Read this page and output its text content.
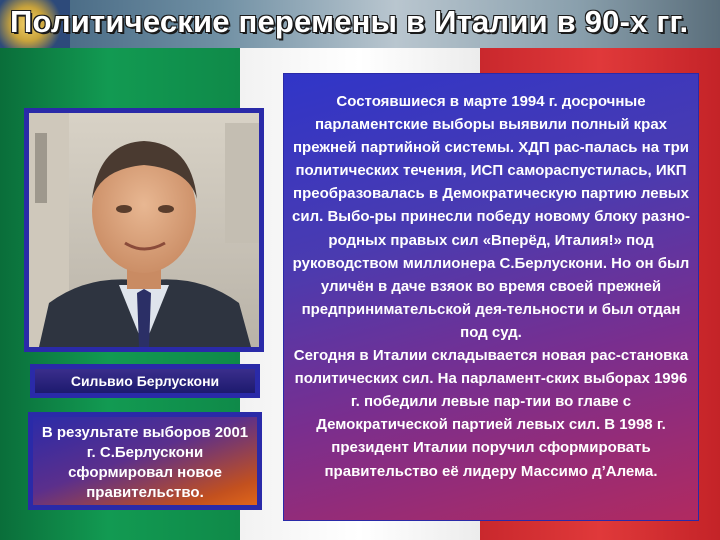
Политические перемены в Италии в 90-х гг.
Сильвио Берлускони
В результате выборов 2001 г. С.Берлускони сформировал новое правительство.

Состоявшиеся в марте 1994 г. досрочные парламентские выборы выявили полный крах прежней партийной системы. ХДП рас-палась на три политических течения, ИСП самораспустилась, ИКП преобразовалась в Демократическую партию левых сил. Выбо-ры принесли победу новому блоку разно-родных правых сил «Вперёд, Италия!» под руководством миллионера С.Берлускони. Но он был уличён в даче взяок во время своей прежней предпринимательской дея-тельности и был отдан под суд.

Сегодня в Италии складывается новая рас-становка политических сил. На парламент-ских выборах 1996 г. победили левые пар-тии во главе с Демократической партией левых сил. В 1998 г. президент Италии поручил сформировать правительство её лидеру Массимо д’Алема.
